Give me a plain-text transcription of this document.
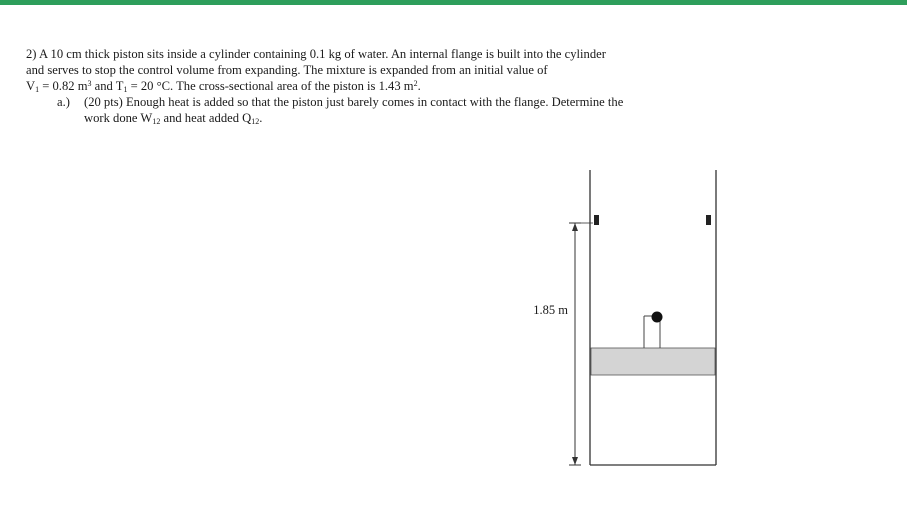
2) A 10 cm thick piston sits inside a cylinder containing 0.1 kg of water. An internal flange is built into the cylinder
and serves to stop the control volume from expanding. The mixture is expanded from an initial value of
$V_1 = 0.82$ $m^3$ and $T_1 = 20$ °C. The cross-sectional area of the piston is 1.43 $m^2$.

a.) (20 pts) Enough heat is added so that the piston just barely comes in contact with the flange. Determine the
work done $W_{12}$ and heat added $Q_{12}$.

1.85 m
